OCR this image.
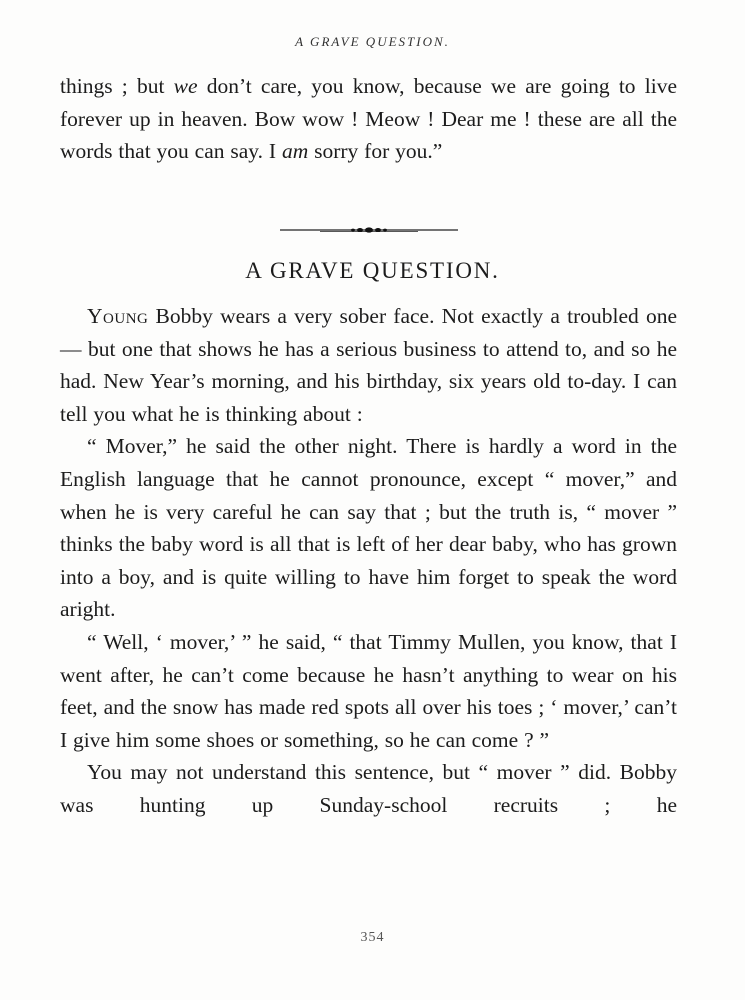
A GRAVE QUESTION.

things ; but we don’t care, you know, because we are going to live forever up in heaven. Bow wow ! Meow ! Dear me ! these are all the words that you can say. I am sorry for you.”

A GRAVE QUESTION.

Young Bobby wears a very sober face. Not exactly a troubled one — but one that shows he has a serious business to attend to, and so he had. New Year’s morning, and his birthday, six years old to-day. I can tell you what he is thinking about :

“ Mover,” he said the other night. There is hardly a word in the English language that he cannot pronounce, except “ mover,” and when he is very careful he can say that ; but the truth is, “ mover ” thinks the baby word is all that is left of her dear baby, who has grown into a boy, and is quite willing to have him forget to speak the word aright.

“ Well, ‘ mover,’ ” he said, “ that Timmy Mullen, you know, that I went after, he can’t come because he hasn’t anything to wear on his feet, and the snow has made red spots all over his toes ; ‘ mover,’ can’t I give him some shoes or something, so he can come ? ”

You may not understand this sentence, but “ mover ” did. Bobby was hunting up Sunday-school recruits ; he

354
